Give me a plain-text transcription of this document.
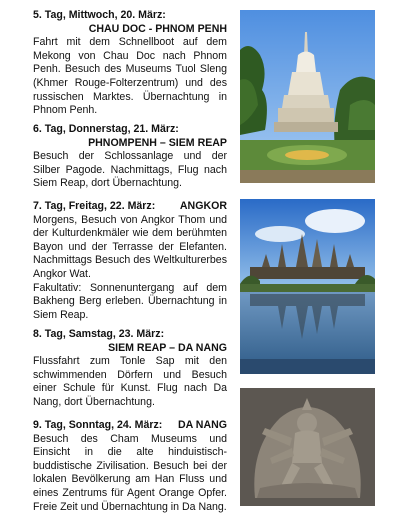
5. Tag, Mittwoch, 20. März:
CHAU DOC - PHNOM PENH
Fahrt mit dem Schnellboot auf dem Mekong von Chau Doc nach Phnom Penh. Besuch des Museums Tuol Sleng (Khmer Rouge-Folterzentrum) und des russischen Marktes. Übernachtung in Phnom Penh.
6. Tag, Donnerstag, 21. März:
PHNOMPENH – SIEM REAP
Besuch der Schlossanlage und der Silber Pagode. Nachmittags, Flug nach Siem Reap, dort Übernachtung.
7. Tag, Freitag, 22. März: ANGKOR
Morgens, Besuch von Angkor Thom und der Kulturdenkmäler wie dem berühmten Bayon und der Terrasse der Elefanten. Nachmittags Besuch des Weltkulturerbes Angkor Wat.
Fakultativ: Sonnenuntergang auf dem Bakheng Berg erleben. Übernachtung in Siem Reap.
8. Tag, Samstag, 23. März:
SIEM REAP – DA NANG
Flussfahrt zum Tonle Sap mit den schwimmenden Dörfern und Besuch einer Schule für Kunst. Flug nach Da Nang, dort Übernachtung.
9. Tag, Sonntag, 24. März: DA NANG
Besuch des Cham Museums und Einsicht in die alte hinduistisch-buddistische Zivilisation. Besuch bei der lokalen Bevölkerung am Han Fluss und eines Zentrums für Agent Orange Opfer. Freie Zeit und Übernachtung in Da Nang.
